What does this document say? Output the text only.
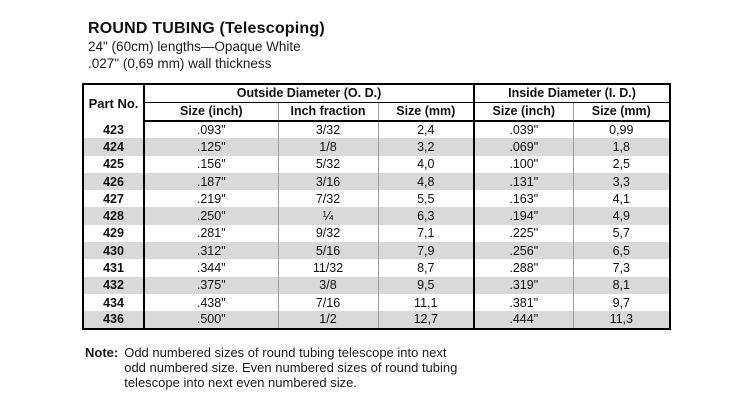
ROUND TUBING (Telescoping)
24" (60cm) lengths—Opaque White
.027" (0,69 mm) wall thickness
Part No.	Outside Diameter (O. D.)			Inside Diameter (I. D.)	
	Size (inch)	Inch fraction	Size (mm)	Size (inch)	Size (mm)
423	.093"	3/32	2,4	.039"	0,99
424	.125"	1/8	3,2	.069"	1,8
425	.156"	5/32	4,0	.100"	2,5
426	.187"	3/16	4,8	.131"	3,3
427	.219"	7/32	5,5	.163"	4,1
428	.250"	¼	6,3	.194"	4,9
429	.281"	9/32	7,1	.225"	5,7
430	.312"	5/16	7,9	.256"	6,5
431	.344"	11/32	8,7	.288"	7,3
432	.375"	3/8	9,5	.319"	8,1
434	.438"	7/16	11,1	.381"	9,7
436	.500"	1/2	12,7	.444"	11,3
Note: Odd numbered sizes of round tubing telescope into next odd numbered size. Even numbered sizes of round tubing telescope into next even numbered size.
